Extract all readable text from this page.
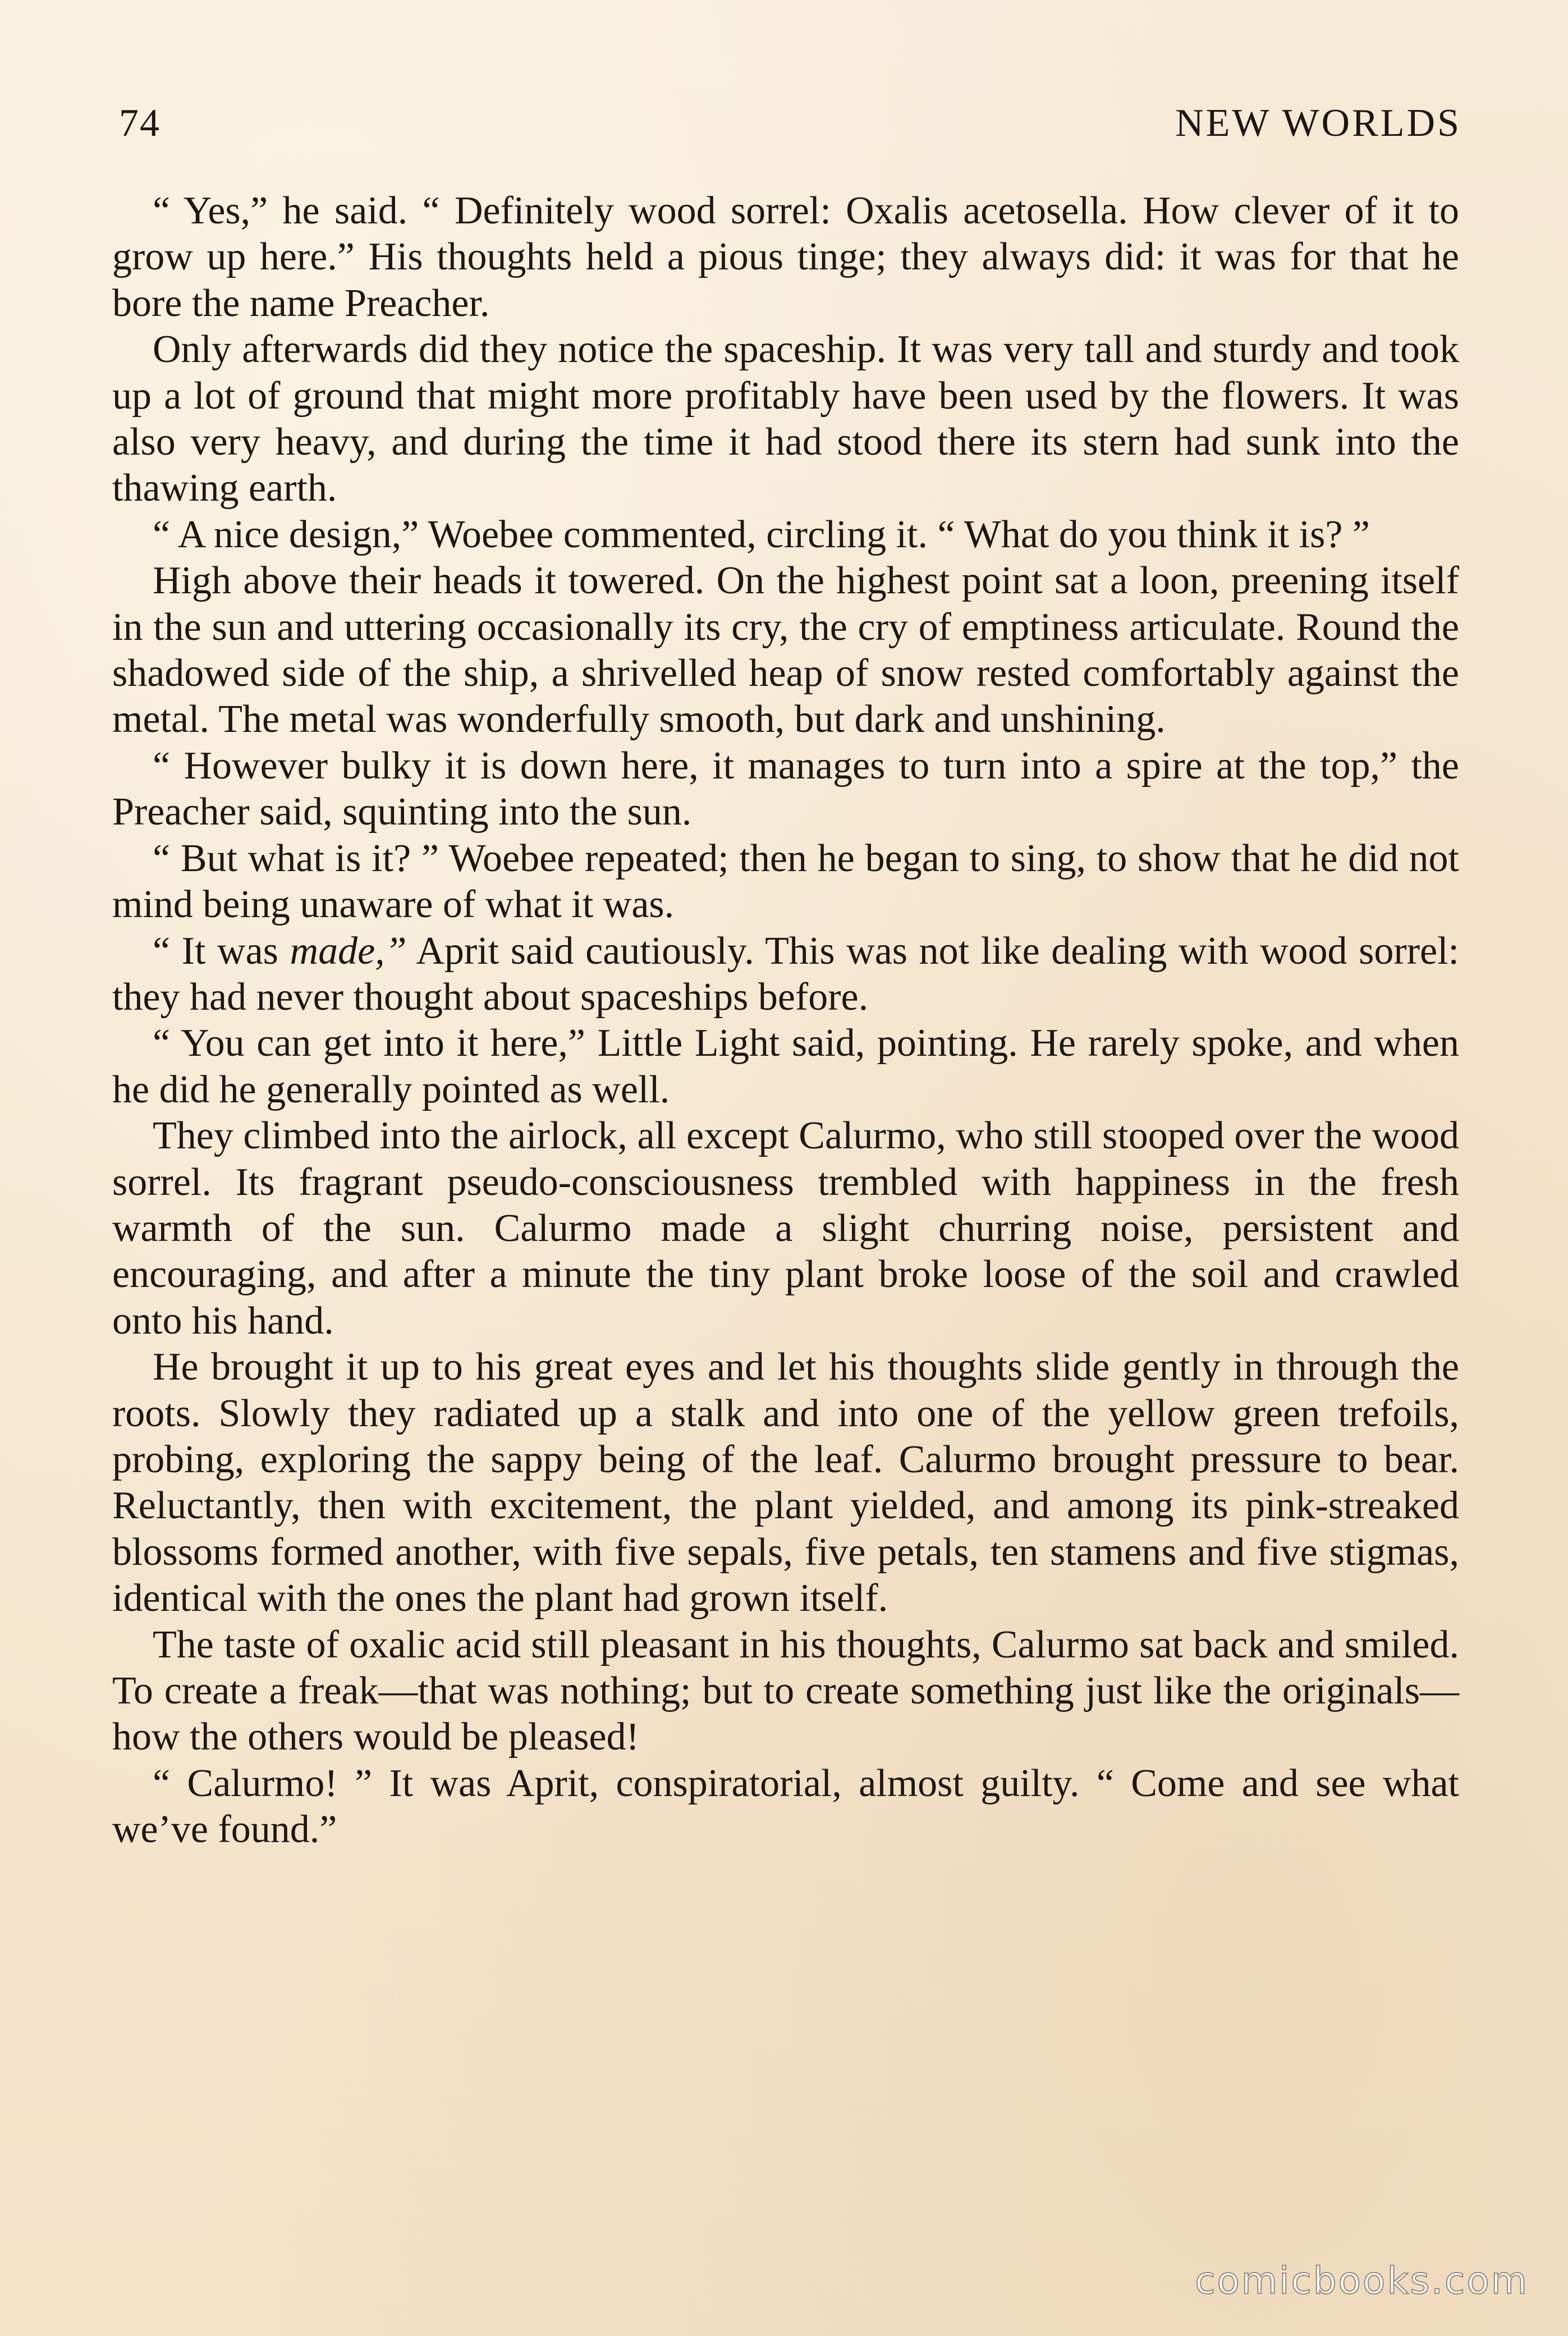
74	NEW WORLDS

“ Yes,” he said. “ Definitely wood sorrel: Oxalis acetosella. How clever of it to grow up here.” His thoughts held a pious tinge; they always did: it was for that he bore the name Preacher.

Only afterwards did they notice the spaceship. It was very tall and sturdy and took up a lot of ground that might more profitably have been used by the flowers. It was also very heavy, and during the time it had stood there its stern had sunk into the thawing earth.

“ A nice design,” Woebee commented, circling it. “ What do you think it is? ”

High above their heads it towered. On the highest point sat a loon, preening itself in the sun and uttering occasionally its cry, the cry of emptiness articulate. Round the shadowed side of the ship, a shrivelled heap of snow rested comfortably against the metal. The metal was wonderfully smooth, but dark and unshining.

“ However bulky it is down here, it manages to turn into a spire at the top,” the Preacher said, squinting into the sun.

“ But what is it? ” Woebee repeated; then he began to sing, to show that he did not mind being unaware of what it was.

“ It was made,” Aprit said cautiously. This was not like dealing with wood sorrel: they had never thought about spaceships before.

“ You can get into it here,” Little Light said, pointing. He rarely spoke, and when he did he generally pointed as well.

They climbed into the airlock, all except Calurmo, who still stooped over the wood sorrel. Its fragrant pseudo-consciousness trembled with happiness in the fresh warmth of the sun. Calurmo made a slight churring noise, persistent and encouraging, and after a minute the tiny plant broke loose of the soil and crawled onto his hand.

He brought it up to his great eyes and let his thoughts slide gently in through the roots. Slowly they radiated up a stalk and into one of the yellow green trefoils, probing, exploring the sappy being of the leaf. Calurmo brought pressure to bear. Reluctantly, then with excitement, the plant yielded, and among its pink-streaked blossoms formed another, with five sepals, five petals, ten stamens and five stigmas, identical with the ones the plant had grown itself.

The taste of oxalic acid still pleasant in his thoughts, Calurmo sat back and smiled. To create a freak—that was nothing; but to create something just like the originals—how the others would be pleased!

“ Calurmo! ” It was Aprit, conspiratorial, almost guilty. “ Come and see what we’ve found.”

comicbooks.com
